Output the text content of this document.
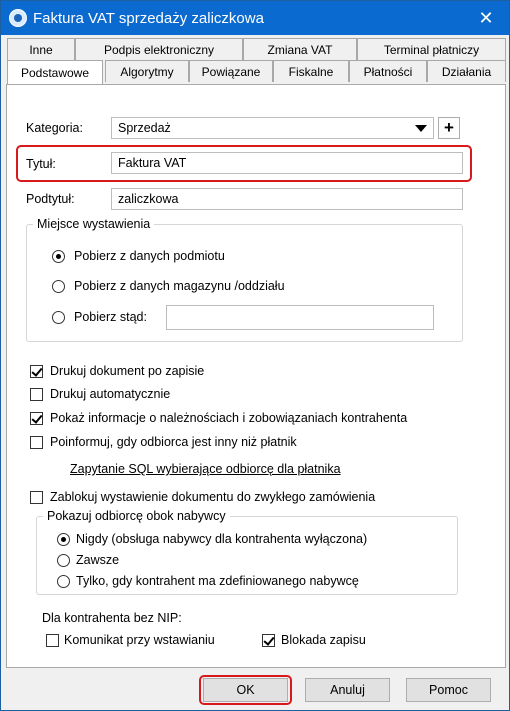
Faktura VAT sprzedaży zaliczkowa	✕
Inne	Podpis elektroniczny	Zmiana VAT	Terminal płatniczy
Podstawowe	Algorytmy	Powiązane	Fiskalne	Płatności	Działania
Kategoria:	Sprzedaż	+
Tytuł:	Faktura VAT
Podtytuł:	zaliczkowa
Miejsce wystawienia
Pobierz z danych podmiotu
Pobierz z danych magazynu /oddziału
Pobierz stąd:
Drukuj dokument po zapisie
Drukuj automatycznie
Pokaż informacje o należnościach i zobowiązaniach kontrahenta
Poinformuj, gdy odbiorca jest inny niż płatnik
Zapytanie SQL wybierające odbiorcę dla płatnika
Zablokuj wystawienie dokumentu do zwykłego zamówienia
Pokazuj odbiorcę obok nabywcy
Nigdy (obsługa nabywcy dla kontrahenta wyłączona)
Zawsze
Tylko, gdy kontrahent ma zdefiniowanego nabywcę
Dla kontrahenta bez NIP:
Komunikat przy wstawianiu	Blokada zapisu
OK	Anuluj	Pomoc
